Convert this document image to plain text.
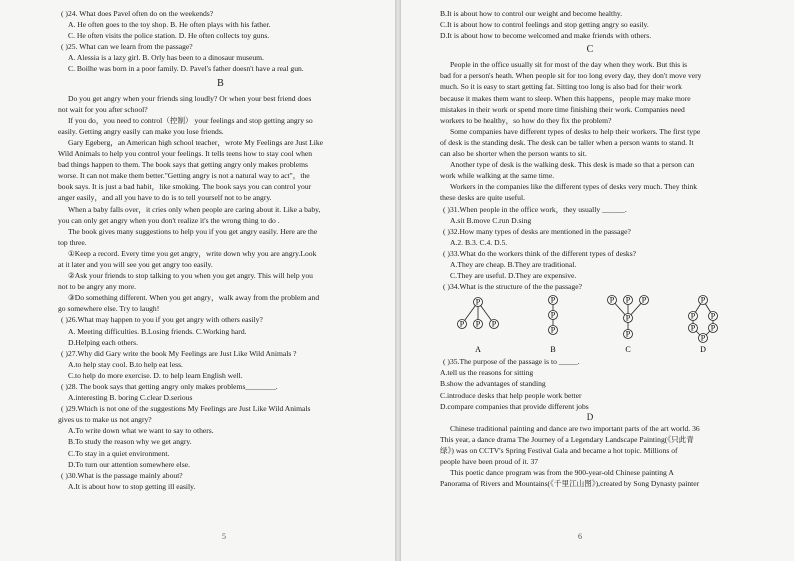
( )24. What does Pavel often do on the weekends?
A. He often goes to the toy shop. B. He often plays with his father.
C. He often visits the police station. D. He often collects toy guns.
( )25. What can we learn from the passage?
A. Alessia is a lazy girl. B. Orly has been to a dinosaur museum.
C. Boilhe was born in a poor family. D. Pavel's father doesn't have a real gun.
B
Do you get angry when your friends sing loudly? Or when your best friend does
not wait for you after school?
If you do，you need to control（控制） your feelings and stop getting angry so
easily. Getting angry easily can make you lose friends.
Gary Egeberg，an American high school teacher，wrote My Feelings are Just Like
Wild Animals to help you control your feelings. It tells teens how to stay cool when
bad things happen to them. The book says that getting angry only makes problems
worse. It can not make them better."Getting angry is not a natural way to act"，the
book says. It is just a bad habit，like smoking. The book says you can control your
anger easily，and all you have to do is to tell yourself not to be angry.
When a baby falls over，it cries only when people are caring about it. Like a baby,
you can only get angry when you don't realize it's the wrong thing to do .
The book gives many suggestions to help you if you get angry easily. Here are the
top three.
①Keep a record. Every time you get angry，write down why you are angry.Look
at it later and you will see you get angry too easily.
②Ask your friends to stop talking to you when you get angry. This will help you
not to be angry any more.
③Do something different. When you get angry，walk away from the problem and
go somewhere else. Try to laugh!
( )26.What may happen to you if you get angry with others easily?
A. Meeting difficulties. B.Losing friends. C.Working hard.
D.Helping each others.
( )27.Why did Gary write the book My Feelings are Just Like Wild Animals ?
A.to help stay cool. B.to help eat less.
C.to help do more exercise. D. to help learn English well.
( )28. The book says that getting angry only makes problems________.
A.interesting B. boring C.clear D.serious
( )29.Which is not one of the suggestions My Feelings are Just Like Wild Animals
gives us to make us not angry?
A.To write down what we want to say to others.
B.To study the reason why we get angry.
C.To stay in a quiet environment.
D.To turn our attention somewhere else.
( )30.What is the passage mainly about?
A.It is about how to stop getting ill easily.
5
B.It is about how to control our weight and become healthy.
C.It is about how to control feelings and stop getting angry so easily.
D.It is about how to become welcomed and make friends with others.
C
People in the office usually sit for most of the day when they work. But this is
bad for a person's heath. When people sit for too long every day, they don't move very
much. So it is easy to start getting fat. Sitting too long is also bad for their work
because it makes them want to sleep. When this happens，people may make more
mistakes in their work or spend more time finishing their work. Companies need
workers to be healthy，so how do they fix the problem?
Some companies have different types of desks to help their workers. The first type
of desk is the standing desk. The desk can be taller when a person wants to stand. It
can also be shorter when the person wants to sit.
Another type of desk is the walking desk. This desk is made so that a person can
work while walking at the same time.
Workers in the companies like the different types of desks very much. They think
these desks are quite useful.
( )31.When people in the office work，they usually ______.
A.sit B.move C.run D.sing
( )32.How many types of desks are mentioned in the passage?
A.2. B.3. C.4. D.5.
( )33.What do the workers think of the different types of desks?
A.They are cheap. B.They are traditional.
C.They are useful. D.They are expensive.
( )34.What is the structure of the the passage?
P
P P P
A
P
P
P
B
P P P
P
P
C
P
P P
P P
P
D
( )35.The purpose of the passage is to _____.
A.tell us the reasons for sitting
B.show the advantages of standing
C.introduce desks that help people work better
D.compare companies that provide different jobs
D
Chinese traditional painting and dance are two important parts of the art world. 36
This year, a dance drama The Journey of a Legendary Landscape Painting(《只此青
绿》) was on CCTV's Spring Festival Gala and became a hot topic. Millions of
people have been proud of it. 37
This poetic dance program was from the 900-year-old Chinese painting A
Panorama of Rivers and Mountains(《千里江山图》),created by Song Dynasty painter
6
